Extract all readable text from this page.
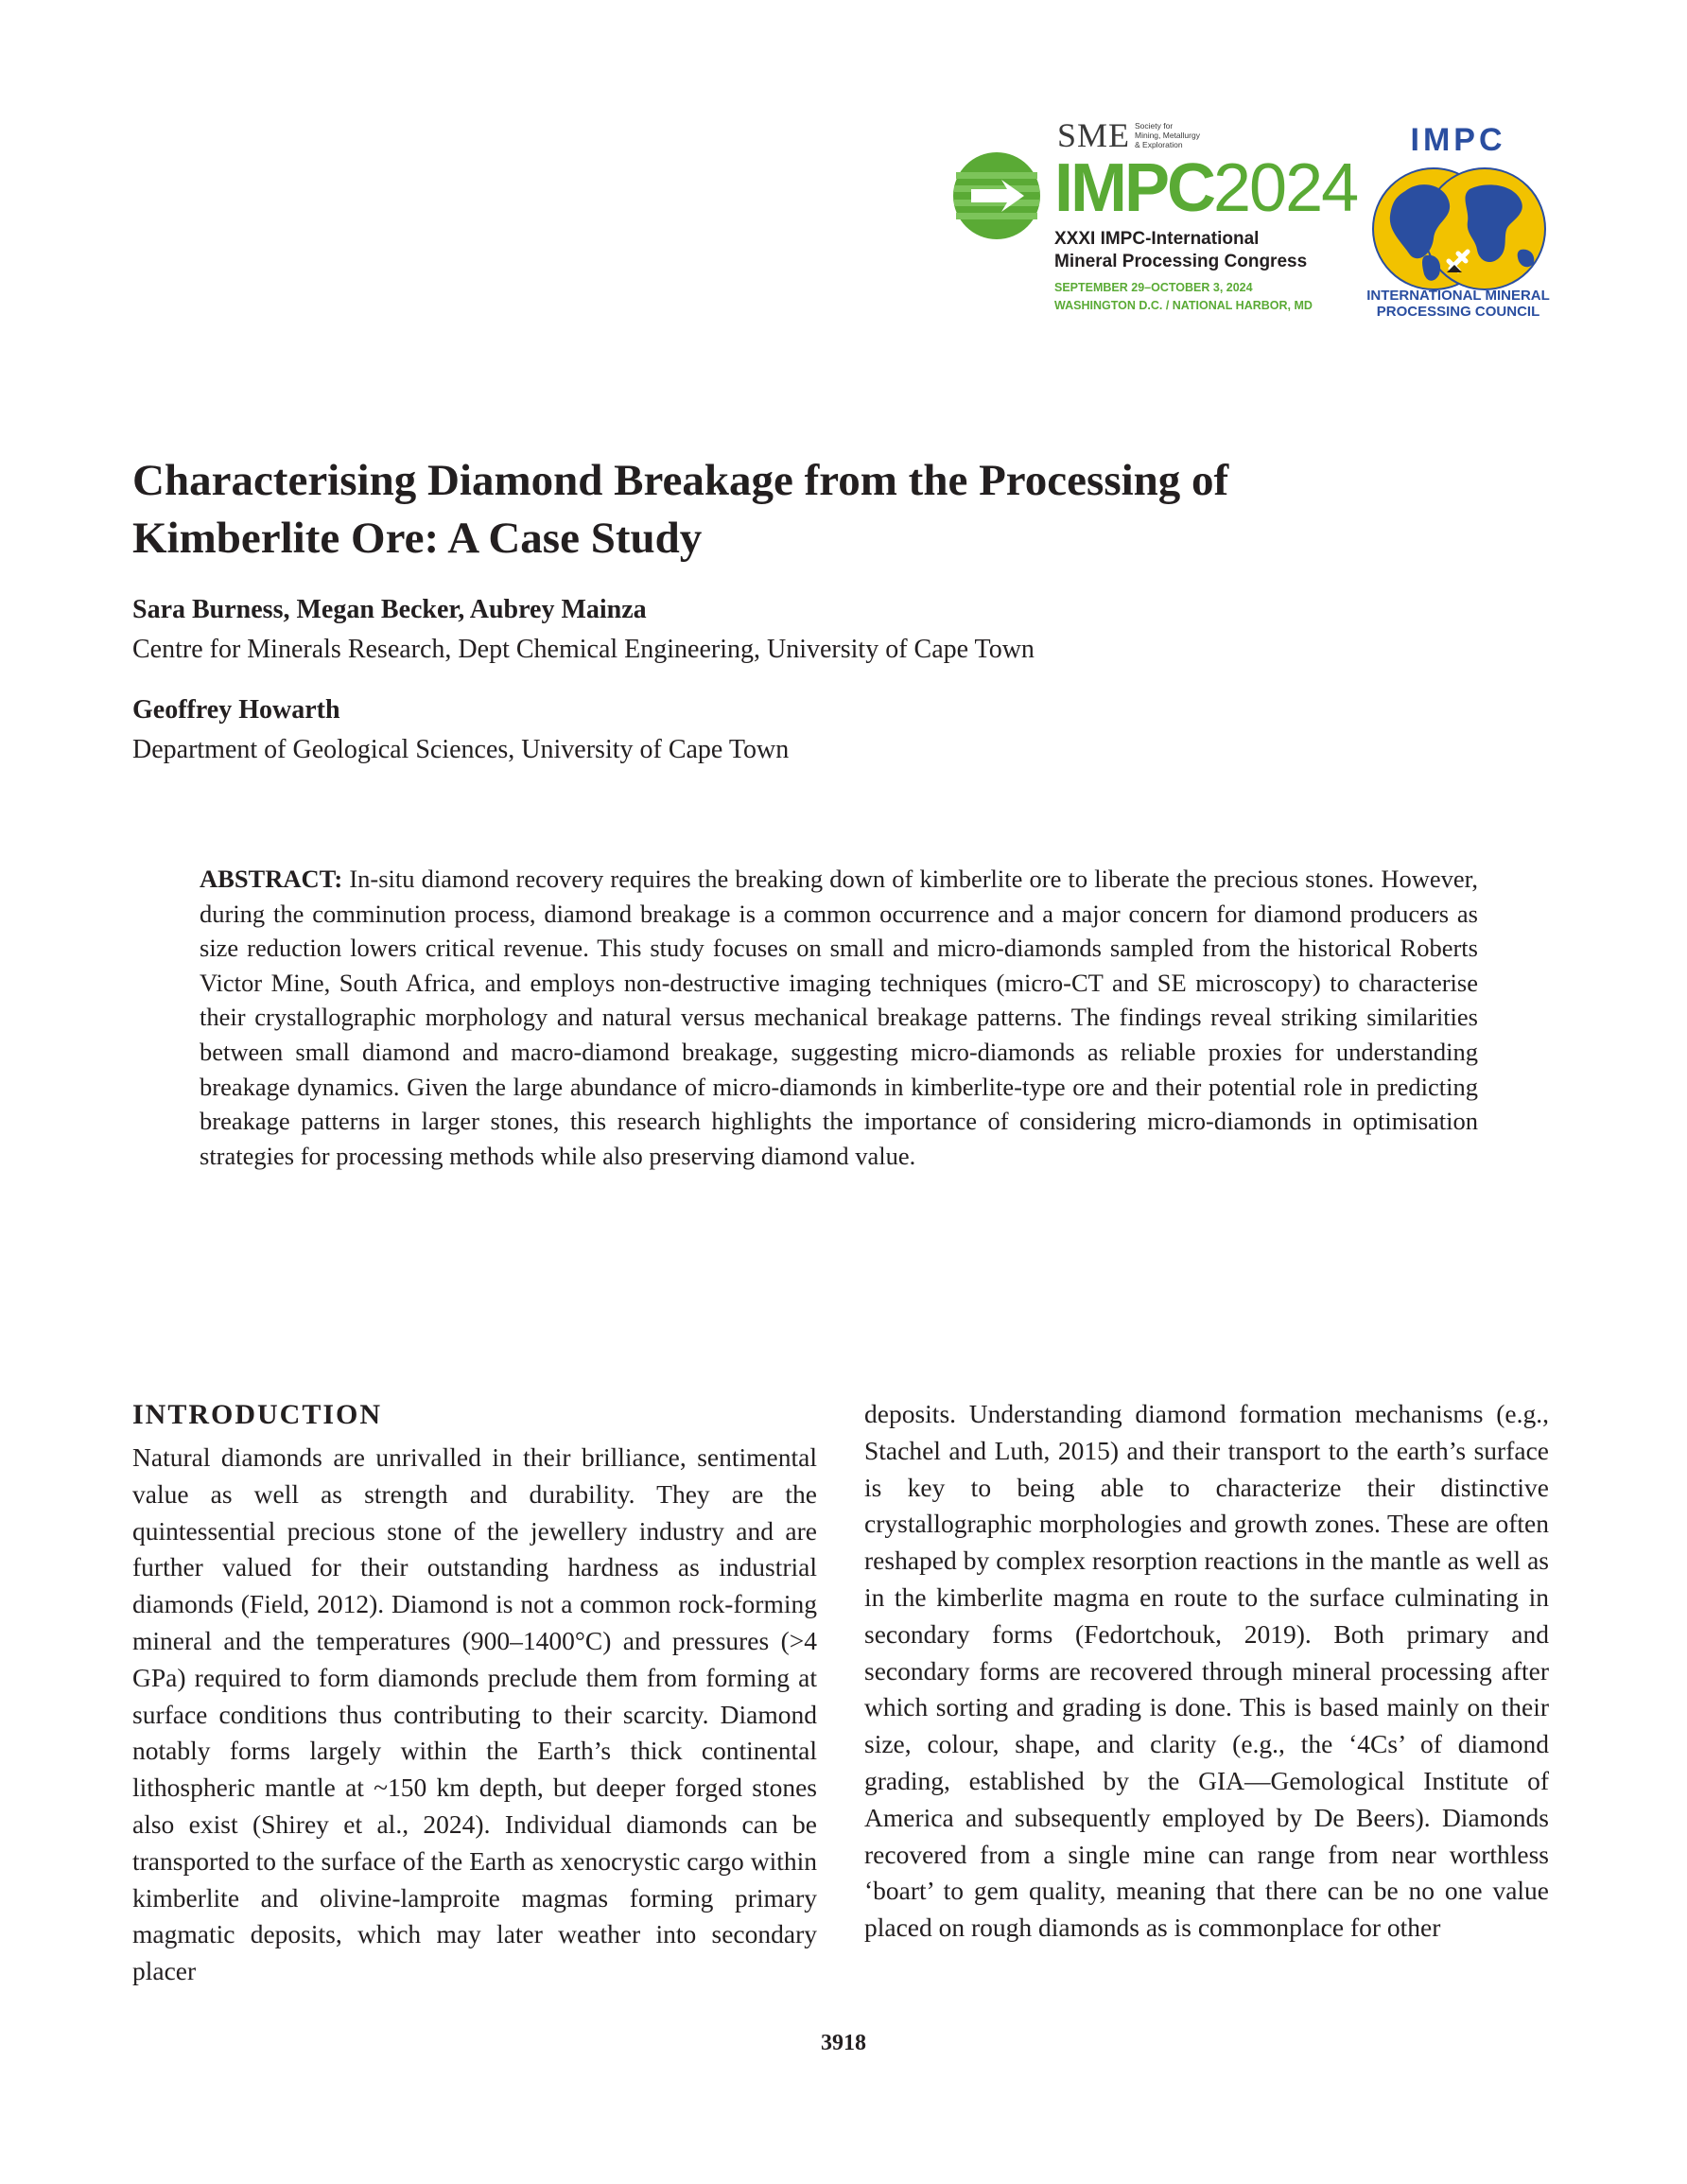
SME Society for
Mining, Metallurgy
& Exploration
IMPC2024
XXXI IMPC-International
Mineral Processing Congress
SEPTEMBER 29–OCTOBER 3, 2024
WASHINGTON D.C. / NATIONAL HARBOR, MD
IMPC
INTERNATIONAL MINERAL
PROCESSING COUNCIL
Characterising Diamond Breakage from the Processing of Kimberlite Ore: A Case Study
Sara Burness, Megan Becker, Aubrey Mainza
Centre for Minerals Research, Dept Chemical Engineering, University of Cape Town
Geoffrey Howarth
Department of Geological Sciences, University of Cape Town

ABSTRACT: In-situ diamond recovery requires the breaking down of kimberlite ore to liberate the precious stones. However, during the comminution process, diamond breakage is a common occurrence and a major concern for diamond producers as size reduction lowers critical revenue. This study focuses on small and micro-diamonds sampled from the historical Roberts Victor Mine, South Africa, and employs non-destructive imaging techniques (micro-CT and SE microscopy) to characterise their crystallographic morphology and natural versus mechanical breakage patterns. The findings reveal striking similarities between small diamond and macro-diamond breakage, suggesting micro-diamonds as reliable proxies for understanding breakage dynamics. Given the large abundance of micro-diamonds in kimberlite-type ore and their potential role in predicting breakage patterns in larger stones, this research highlights the importance of considering micro-diamonds in optimisation strategies for processing methods while also preserving diamond value.

INTRODUCTION

Natural diamonds are unrivalled in their brilliance, sentimental value as well as strength and durability. They are the quintessential precious stone of the jewellery industry and are further valued for their outstanding hardness as industrial diamonds (Field, 2012). Diamond is not a common rock-forming mineral and the temperatures (900–1400°C) and pressures (>4 GPa) required to form diamonds preclude them from forming at surface conditions thus contributing to their scarcity. Diamond notably forms largely within the Earth’s thick continental lithospheric mantle at ~150 km depth, but deeper forged stones also exist (Shirey et al., 2024). Individual diamonds can be transported to the surface of the Earth as xenocrystic cargo within kimberlite and olivine-lamproite magmas forming primary magmatic deposits, which may later weather into secondary placer

deposits. Understanding diamond formation mechanisms (e.g., Stachel and Luth, 2015) and their transport to the earth’s surface is key to being able to characterize their distinctive crystallographic morphologies and growth zones. These are often reshaped by complex resorption reactions in the mantle as well as in the kimberlite magma en route to the surface culminating in secondary forms (Fedortchouk, 2019). Both primary and secondary forms are recovered through mineral processing after which sorting and grading is done. This is based mainly on their size, colour, shape, and clarity (e.g., the ‘4Cs’ of diamond grading, established by the GIA—Gemological Institute of America and subsequently employed by De Beers). Diamonds recovered from a single mine can range from near worthless ‘boart’ to gem quality, meaning that there can be no one value placed on rough diamonds as is commonplace for other

3918
